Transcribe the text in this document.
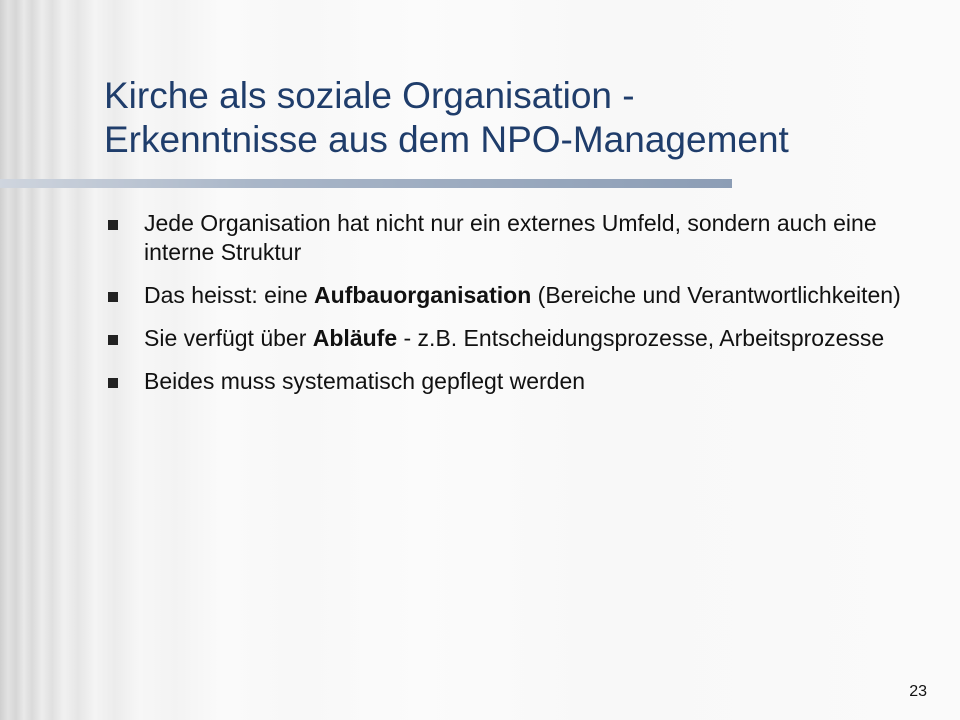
Kirche als soziale Organisation -
Erkenntnisse aus dem NPO-Management
Jede Organisation hat nicht nur ein externes Umfeld, sondern auch eine interne Struktur
Das heisst: eine Aufbauorganisation (Bereiche und Verantwortlichkeiten)
Sie verfügt über Abläufe - z.B. Entscheidungsprozesse, Arbeitsprozesse
Beides muss systematisch gepflegt werden
23
